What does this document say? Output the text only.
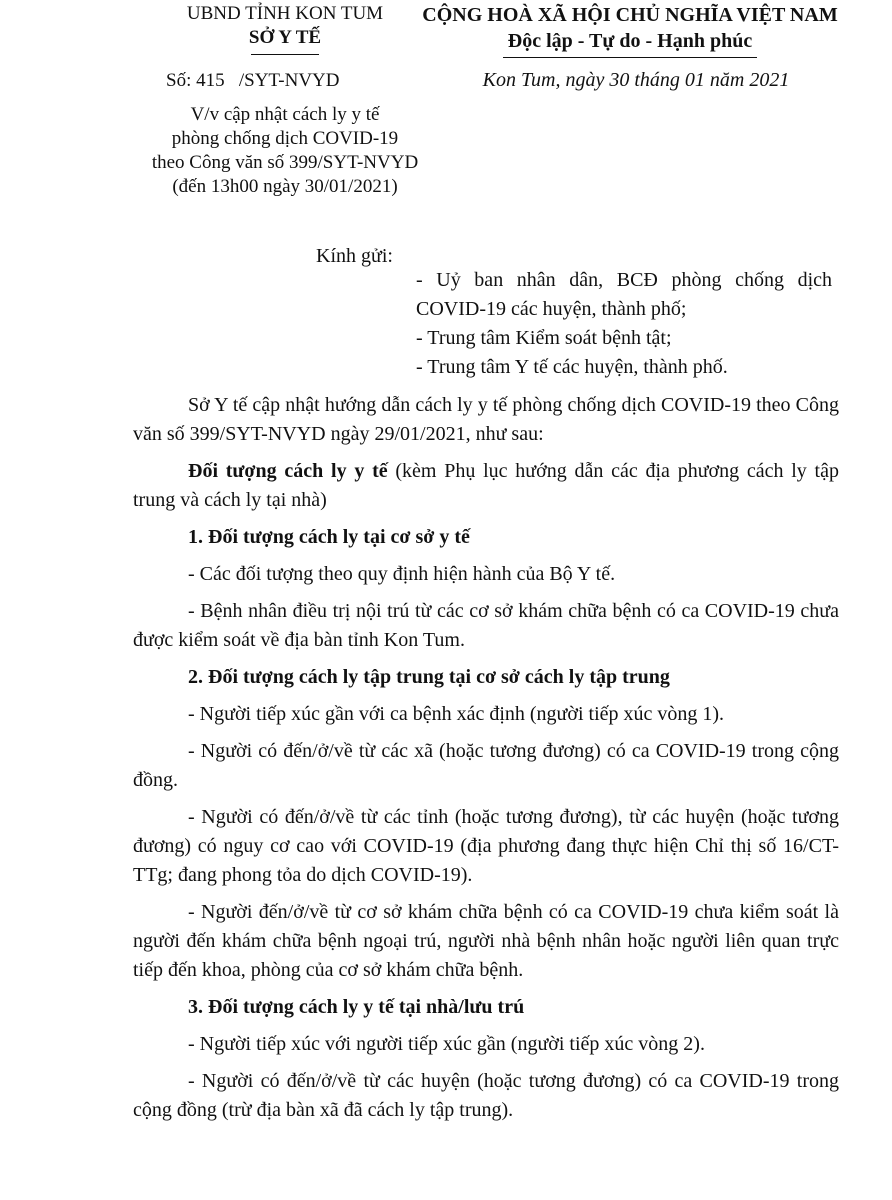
UBND TỈNH KON TUM
SỞ Y TẾ
Số: 415   /SYT-NVYD
V/v cập nhật cách ly y tế
phòng chống dịch COVID-19
theo Công văn số 399/SYT-NVYD
(đến 13h00 ngày 30/01/2021)
CỘNG HOÀ XÃ HỘI CHỦ NGHĨA VIỆT NAM
Độc lập - Tự do - Hạnh phúc
Kon Tum, ngày 30 tháng 01 năm 2021
Kính gửi:
- Uỷ ban nhân dân, BCĐ phòng chống dịch COVID-19 các huyện, thành phố;
- Trung tâm Kiểm soát bệnh tật;
- Trung tâm Y tế các huyện, thành phố.

Sở Y tế cập nhật hướng dẫn cách ly y tế phòng chống dịch COVID-19 theo Công văn số 399/SYT-NVYD ngày 29/01/2021, như sau:

Đối tượng cách ly y tế (kèm Phụ lục hướng dẫn các địa phương cách ly tập trung và cách ly tại nhà)

1. Đối tượng cách ly tại cơ sở y tế

- Các đối tượng theo quy định hiện hành của Bộ Y tế.

- Bệnh nhân điều trị nội trú từ các cơ sở khám chữa bệnh có ca COVID-19 chưa được kiểm soát về địa bàn tỉnh Kon Tum.

2. Đối tượng cách ly tập trung tại cơ sở cách ly tập trung

- Người tiếp xúc gần với ca bệnh xác định (người tiếp xúc vòng 1).

- Người có đến/ở/về từ các xã (hoặc tương đương) có ca COVID-19 trong cộng đồng.

- Người có đến/ở/về từ các tỉnh (hoặc tương đương), từ các huyện (hoặc tương đương) có nguy cơ cao với COVID-19 (địa phương đang thực hiện Chỉ thị số 16/CT-TTg; đang phong tỏa do dịch COVID-19).

- Người đến/ở/về từ cơ sở khám chữa bệnh có ca COVID-19 chưa kiểm soát là người đến khám chữa bệnh ngoại trú, người nhà bệnh nhân hoặc người liên quan trực tiếp đến khoa, phòng của cơ sở khám chữa bệnh.

3. Đối tượng cách ly y tế tại nhà/lưu trú

- Người tiếp xúc với người tiếp xúc gần (người tiếp xúc vòng 2).

- Người có đến/ở/về từ các huyện (hoặc tương đương) có ca COVID-19 trong cộng đồng (trừ địa bàn xã đã cách ly tập trung).
